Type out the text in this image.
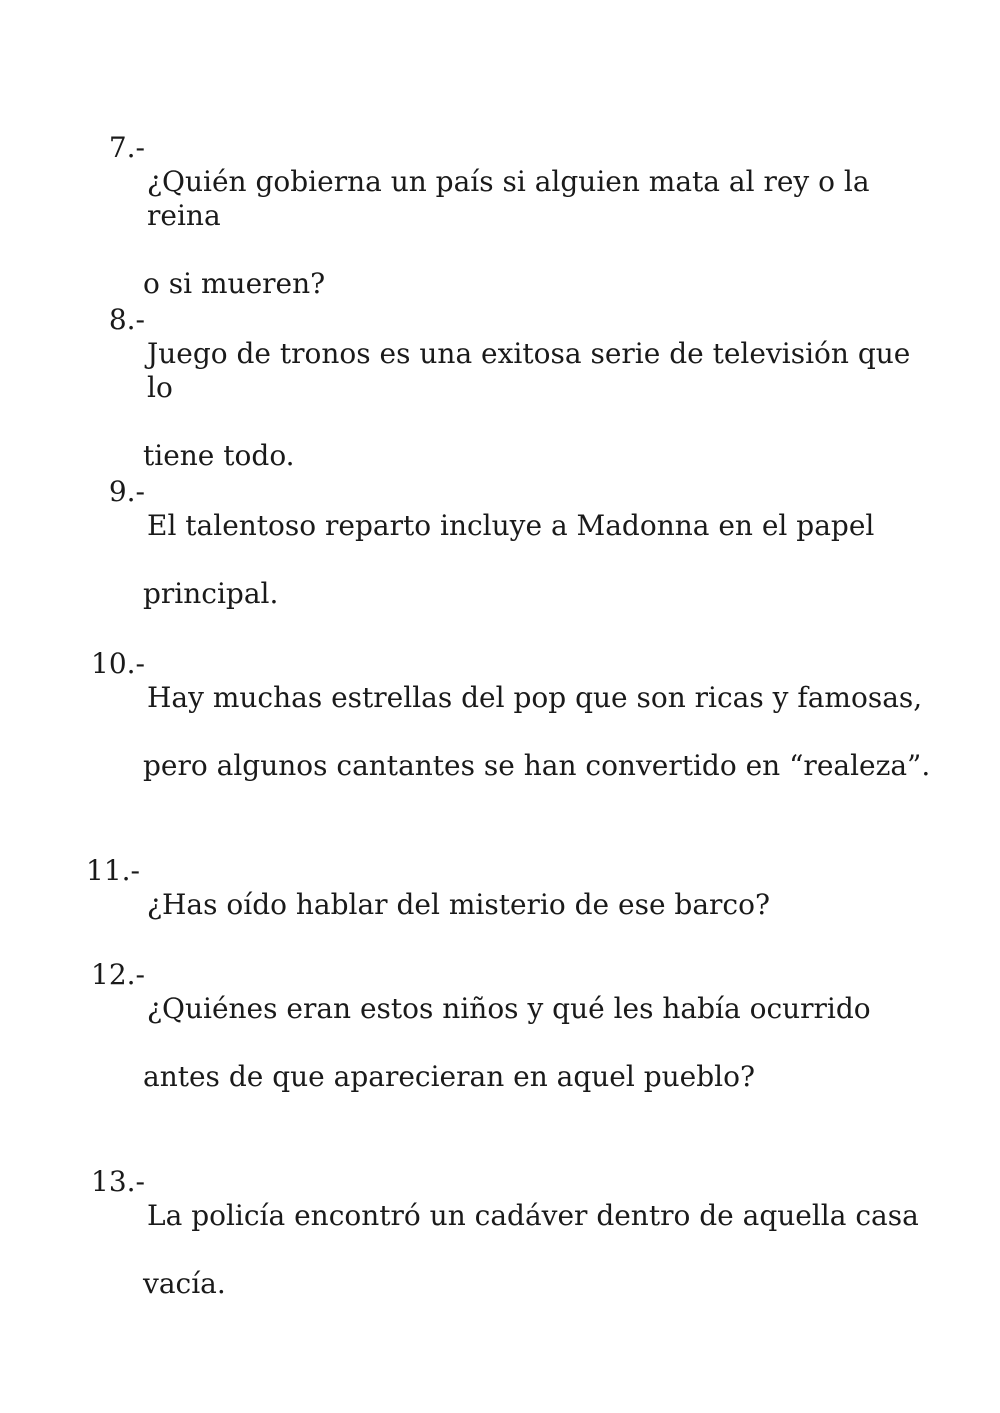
7.-

¿Quién gobierna un país si alguien mata al rey o la reina

o si mueren?

8.-

Juego de tronos es una exitosa serie de televisión que lo

tiene todo.

9.-

El talentoso reparto incluye a Madonna en el papel

principal.

10.-

Hay muchas estrellas del pop que son ricas y famosas,

pero algunos cantantes se han convertido en “realeza”.

11.-

¿Has oído hablar del misterio de ese barco?

12.-

¿Quiénes eran estos niños y qué les había ocurrido

antes de que aparecieran en aquel pueblo?

13.-

La policía encontró un cadáver dentro de aquella casa

vacía.
